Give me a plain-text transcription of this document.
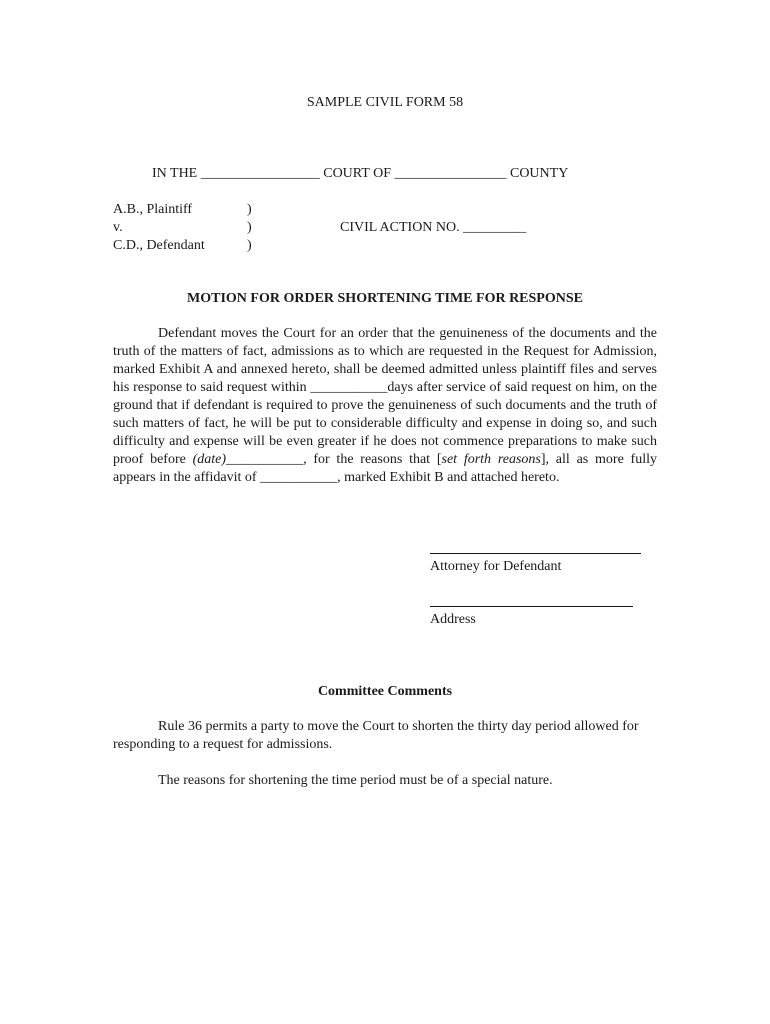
SAMPLE CIVIL FORM 58
IN THE _________________ COURT OF ________________ COUNTY
A.B., Plaintiff
v.
C.D., Defendant
)
)
)
CIVIL ACTION NO. _________
MOTION FOR ORDER SHORTENING TIME FOR RESPONSE

Defendant moves the Court for an order that the genuineness of the documents and the truth of the matters of fact, admissions as to which are requested in the Request for Admission, marked Exhibit A and annexed hereto, shall be deemed admitted unless plaintiff files and serves his response to said request within ___________days after service of said request on him, on the ground that if defendant is required to prove the genuineness of such documents and the truth of such matters of fact, he will be put to considerable difficulty and expense in doing so, and such difficulty and expense will be even greater if he does not commence preparations to make such proof before (date)___________, for the reasons that [set forth reasons], all as more fully appears in the affidavit of ___________, marked Exhibit B and attached hereto.

Attorney for Defendant
Address
Committee Comments

Rule 36 permits a party to move the Court to shorten the thirty day period allowed for responding to a request for admissions.

The reasons for shortening the time period must be of a special nature.
